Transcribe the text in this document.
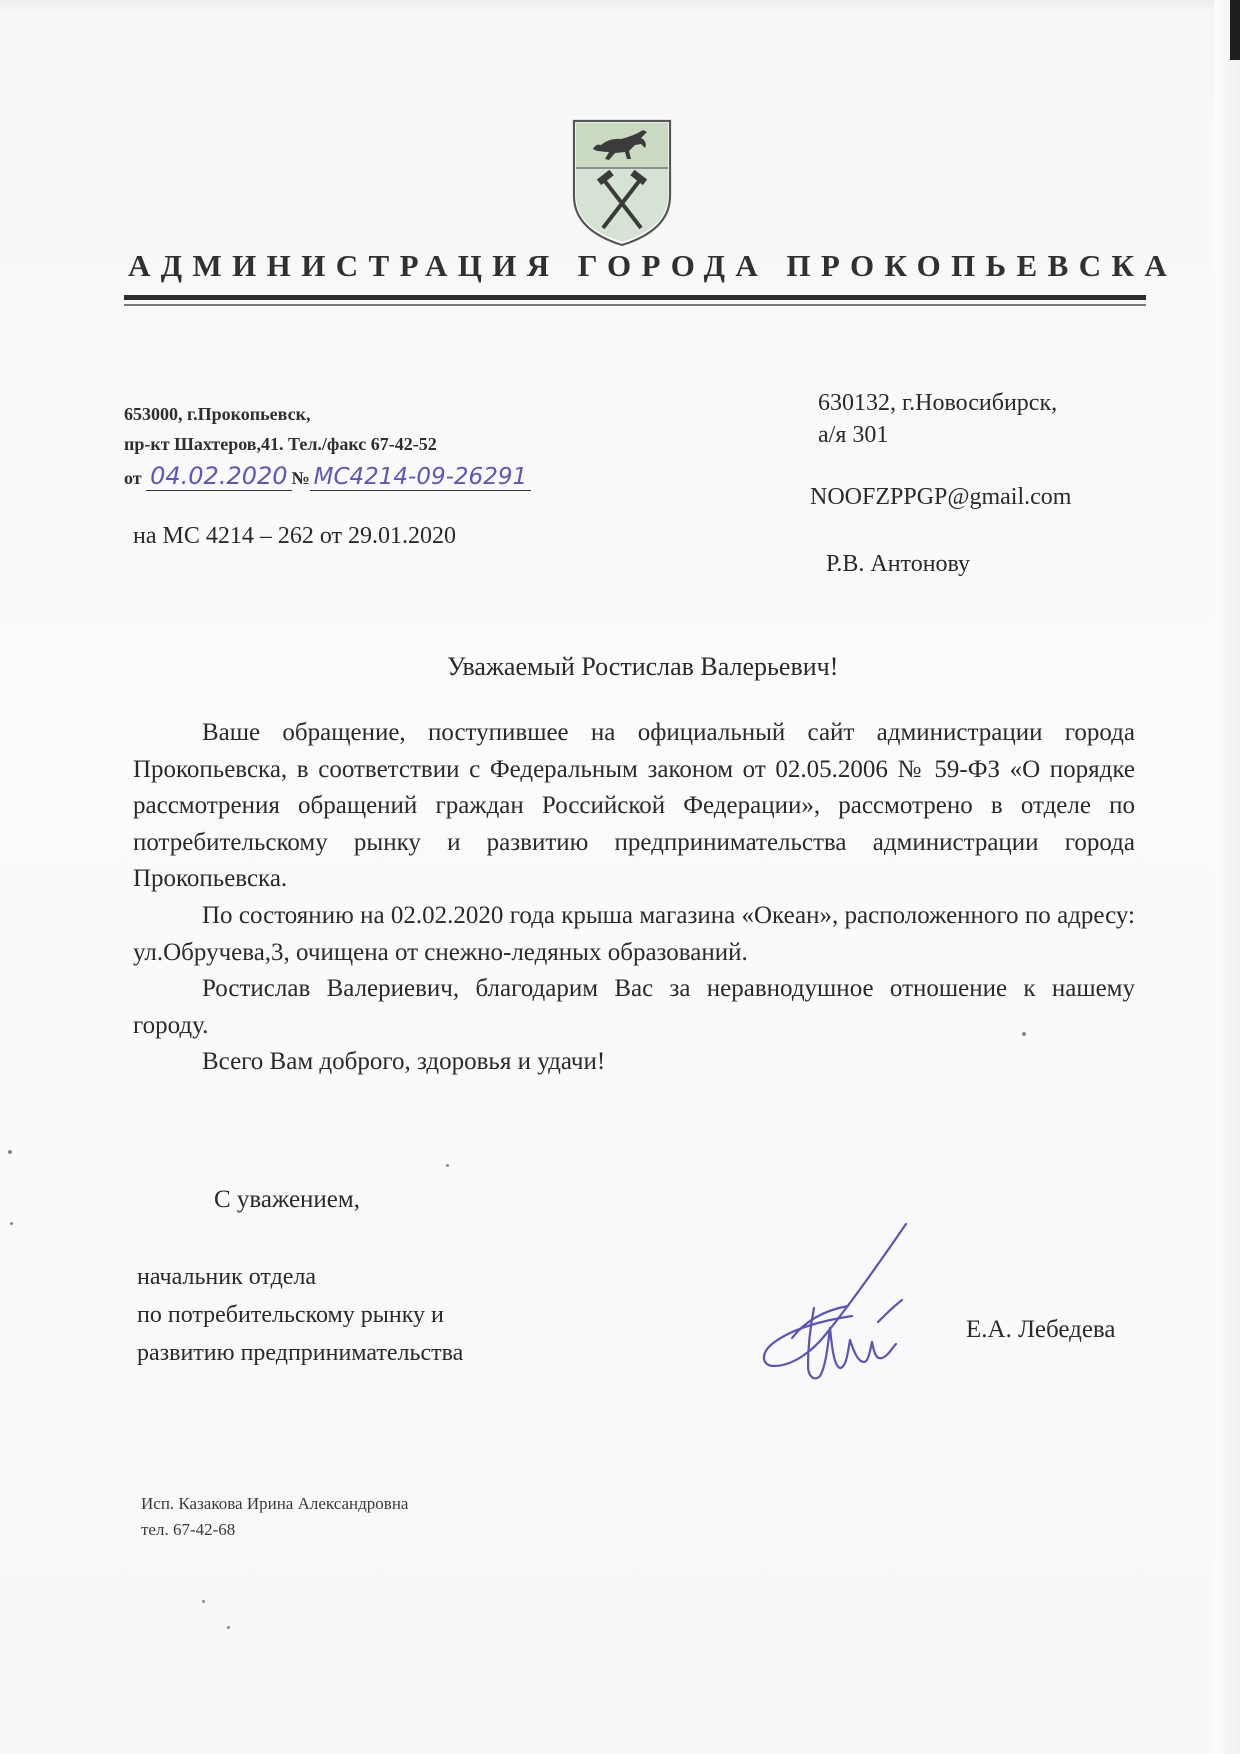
АДМИНИСТРАЦИЯ ГОРОДА ПРОКОПЬЕВСКА
653000, г.Прокопьевск,
пр-кт Шахтеров,41. Тел./факс 67-42-52
от 04.02.2020 № МС4214-09-26291
на МС 4214 – 262 от 29.01.2020
630132, г.Новосибирск,
а/я 301
NOOFZPPGP@gmail.com
Р.В. Антонову
Уважаемый Ростислав Валерьевич!

Ваше обращение, поступившее на официальный сайт администрации города Прокопьевска, в соответствии с Федеральным законом от 02.05.2006 № 59-ФЗ «О порядке рассмотрения обращений граждан Российской Федерации», рассмотрено в отделе по потребительскому рынку и развитию предпринимательства администрации города Прокопьевска.

По состоянию на 02.02.2020 года крыша магазина «Океан», расположенного по адресу: ул.Обручева,3, очищена от снежно-ледяных образований.

Ростислав Валериевич, благодарим Вас за неравнодушное отношение к нашему городу.

Всего Вам доброго, здоровья и удачи!

С уважением,
начальник отдела
по потребительскому рынку и
развитию предпринимательства
Е.А. Лебедева
Исп. Казакова Ирина Александровна
тел. 67-42-68
